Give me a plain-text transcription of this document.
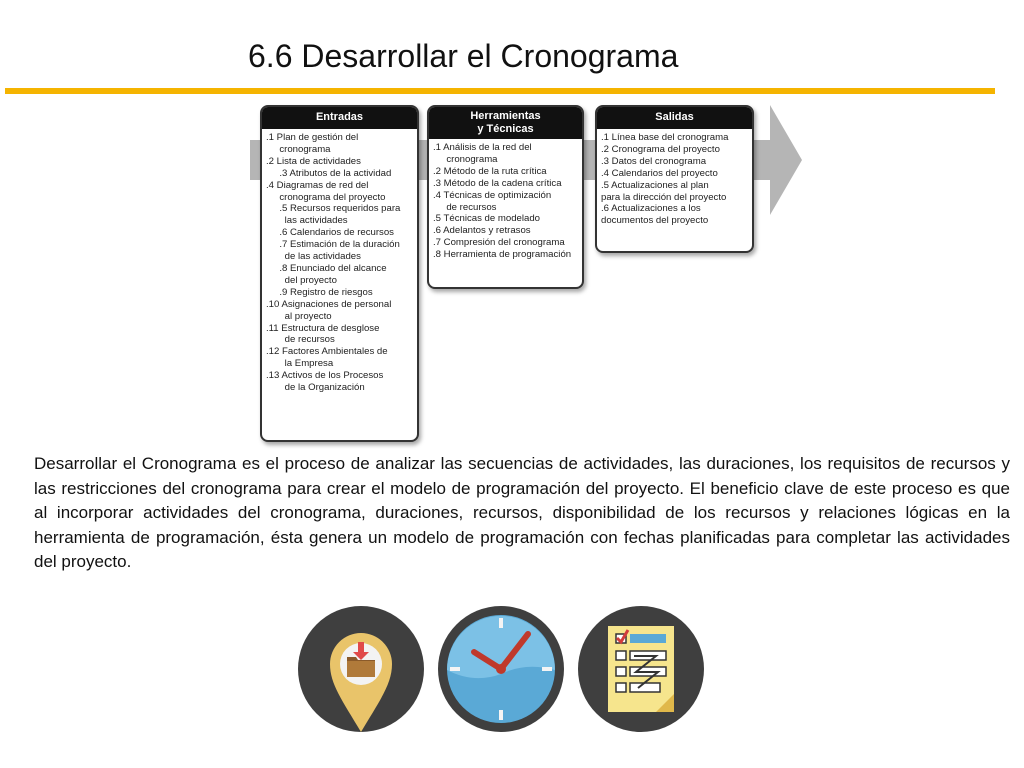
6.6 Desarrollar el Cronograma
Entradas
.1 Plan de gestión del
cronograma
.2 Lista de actividades
.3 Atributos de la actividad
.4 Diagramas de red del
cronograma del proyecto
.5 Recursos requeridos para
las actividades
.6 Calendarios de recursos
.7 Estimación de la duración
de las actividades
.8 Enunciado del alcance
del proyecto
.9 Registro de riesgos
.10 Asignaciones de personal
al proyecto
.11 Estructura de desglose
de recursos
.12 Factores Ambientales de
la Empresa
.13 Activos de los Procesos
de la Organización
Herramientas
y Técnicas
.1 Análisis de la red del
cronograma
.2 Método de la ruta crítica
.3 Método de la cadena crítica
.4 Técnicas de optimización
de recursos
.5 Técnicas de modelado
.6 Adelantos y retrasos
.7 Compresión del cronograma
.8 Herramienta de programación
Salidas
.1 Línea base del cronograma
.2 Cronograma del proyecto
.3 Datos del cronograma
.4 Calendarios del proyecto
.5 Actualizaciones al plan
para la dirección del proyecto
.6 Actualizaciones a los
documentos del proyecto
Desarrollar el Cronograma es el proceso de analizar las secuencias de actividades, las duraciones, los requisitos de recursos y las restricciones del cronograma para crear el modelo de programación del proyecto. El beneficio clave de este proceso es que al incorporar actividades del cronograma, duraciones, recursos, disponibilidad de los recursos y relaciones lógicas en la herramienta de programación, ésta genera un modelo de programación con fechas planificadas para completar las actividades del proyecto.
